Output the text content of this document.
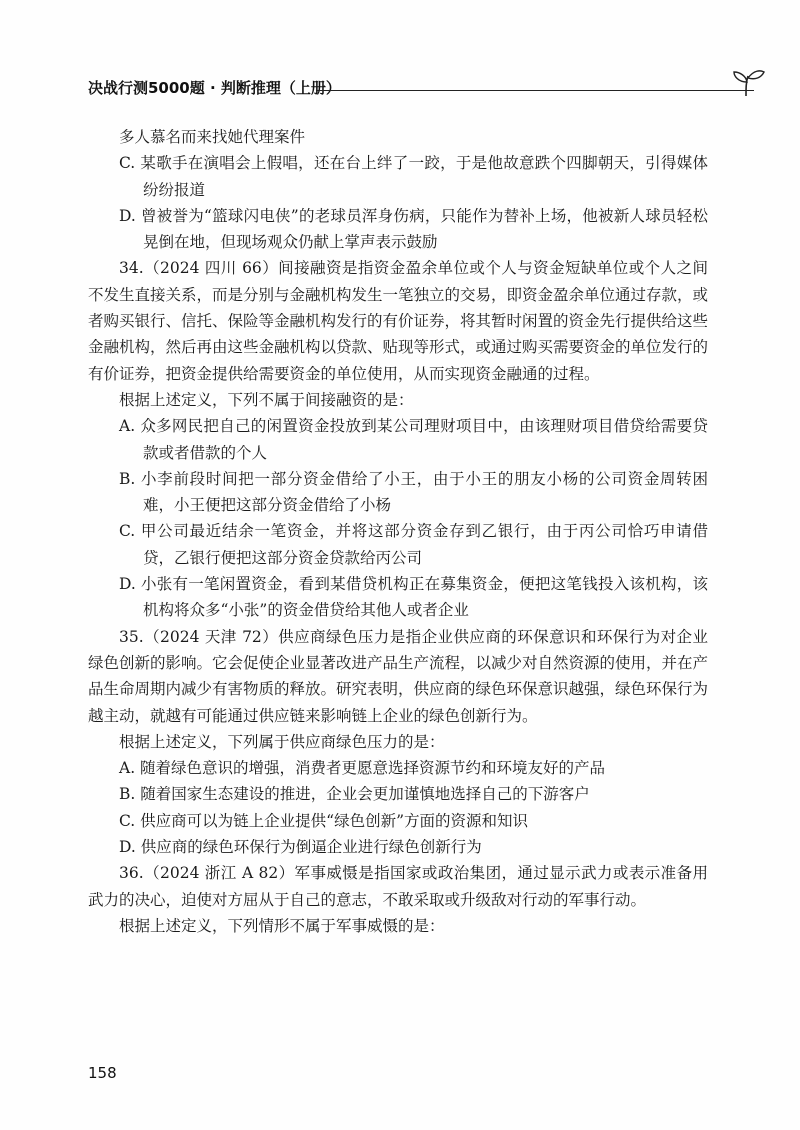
决战行测5000题 · 判断推理（上册）

多人慕名而来找她代理案件

C. 某歌手在演唱会上假唱，还在台上绊了一跤，于是他故意跌个四脚朝天，引得媒体纷纷报道

D. 曾被誉为“篮球闪电侠”的老球员浑身伤病，只能作为替补上场，他被新人球员轻松晃倒在地，但现场观众仍献上掌声表示鼓励

34.（2024 四川 66）间接融资是指资金盈余单位或个人与资金短缺单位或个人之间不发生直接关系，而是分别与金融机构发生一笔独立的交易，即资金盈余单位通过存款，或者购买银行、信托、保险等金融机构发行的有价证券，将其暂时闲置的资金先行提供给这些金融机构，然后再由这些金融机构以贷款、贴现等形式，或通过购买需要资金的单位发行的有价证券，把资金提供给需要资金的单位使用，从而实现资金融通的过程。

根据上述定义，下列不属于间接融资的是：

A. 众多网民把自己的闲置资金投放到某公司理财项目中，由该理财项目借贷给需要贷款或者借款的个人

B. 小李前段时间把一部分资金借给了小王，由于小王的朋友小杨的公司资金周转困难，小王便把这部分资金借给了小杨

C. 甲公司最近结余一笔资金，并将这部分资金存到乙银行，由于丙公司恰巧申请借贷，乙银行便把这部分资金贷款给丙公司

D. 小张有一笔闲置资金，看到某借贷机构正在募集资金，便把这笔钱投入该机构，该机构将众多“小张”的资金借贷给其他人或者企业

35.（2024 天津 72）供应商绿色压力是指企业供应商的环保意识和环保行为对企业绿色创新的影响。它会促使企业显著改进产品生产流程，以减少对自然资源的使用，并在产品生命周期内减少有害物质的释放。研究表明，供应商的绿色环保意识越强，绿色环保行为越主动，就越有可能通过供应链来影响链上企业的绿色创新行为。

根据上述定义，下列属于供应商绿色压力的是：

A. 随着绿色意识的增强，消费者更愿意选择资源节约和环境友好的产品

B. 随着国家生态建设的推进，企业会更加谨慎地选择自己的下游客户

C. 供应商可以为链上企业提供“绿色创新”方面的资源和知识

D. 供应商的绿色环保行为倒逼企业进行绿色创新行为

36.（2024 浙江 A 82）军事威慑是指国家或政治集团，通过显示武力或表示准备用武力的决心，迫使对方屈从于自己的意志，不敢采取或升级敌对行动的军事行动。

根据上述定义，下列情形不属于军事威慑的是：

158
